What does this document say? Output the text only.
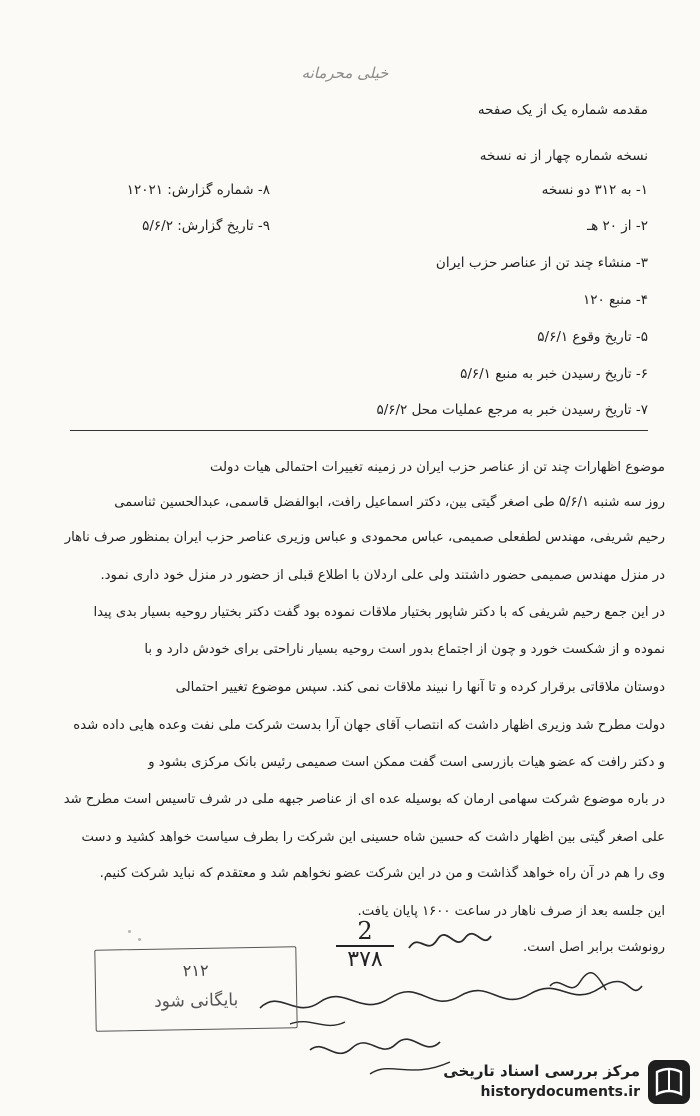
خیلی محرمانه
مقدمه شماره یک از یک صفحه
نسخه شماره چهار از نه نسخه
۸- شماره گزارش: ۱۲۰۲۱
۹- تاریخ گزارش: ۵/۶/۲
۱- به ۳۱۲ دو نسخه
۲- از ۲۰ هـ
۳- منشاء چند تن از عناصر حزب ایران
۴- منبع ۱۲۰
۵- تاریخ وقوع ۵/۶/۱
۶- تاریخ رسیدن خبر به منبع ۵/۶/۱
۷- تاریخ رسیدن خبر به مرجع عملیات محل ۵/۶/۲
موضوع اظهارات چند تن از عناصر حزب ایران در زمینه تغییرات احتمالی هیات دولت
روز سه شنبه ۵/۶/۱ طی اصغر گیتی بین، دکتر اسماعیل رافت، ابوالفضل قاسمی، عبدالحسین ثناسمی
رحیم شریفی، مهندس لطفعلی صمیمی، عباس محمودی و عباس وزیری عناصر حزب ایران بمنظور صرف ناهار
در منزل مهندس صمیمی حضور داشتند ولی علی اردلان با اطلاع قبلی از حضور در منزل خود داری نمود.
در این جمع رحیم شریفی که با دکتر شاپور بختیار ملاقات نموده بود گفت دکتر بختیار روحیه بسیار بدی پیدا
نموده و از شکست خورد و چون از اجتماع بدور است روحیه بسیار ناراحتی برای خودش دارد و با
دوستان ملاقاتی برقرار کرده و تا آنها را نبیند ملاقات نمی کند. سپس موضوع تغییر احتمالی
دولت مطرح شد وزیری اظهار داشت که انتصاب آقای جهان آرا بدست شرکت ملی نفت وعده هایی داده شده
و دکتر رافت که عضو هیات بازرسی است گفت ممکن است صمیمی رئیس بانک مرکزی بشود و
در باره موضوع شرکت سهامی ارمان که بوسیله عده ای از عناصر جبهه ملی در شرف تاسیس است مطرح شد
علی اصغر گیتی بین اظهار داشت که حسین شاه حسینی این شرکت را بطرف سیاست خواهد کشید و دست
وی را هم در آن راه خواهد گذاشت و من در این شرکت عضو نخواهم شد و معتقدم که نباید شرکت کنیم.
این جلسه بعد از صرف ناهار در ساعت ۱۶۰۰ پایان یافت.
رونوشت برابر اصل است.
2
۳۷۸
۲۱۲
بایگانی شود
مرکز بررسی اسناد تاریخی
historydocuments.ir
